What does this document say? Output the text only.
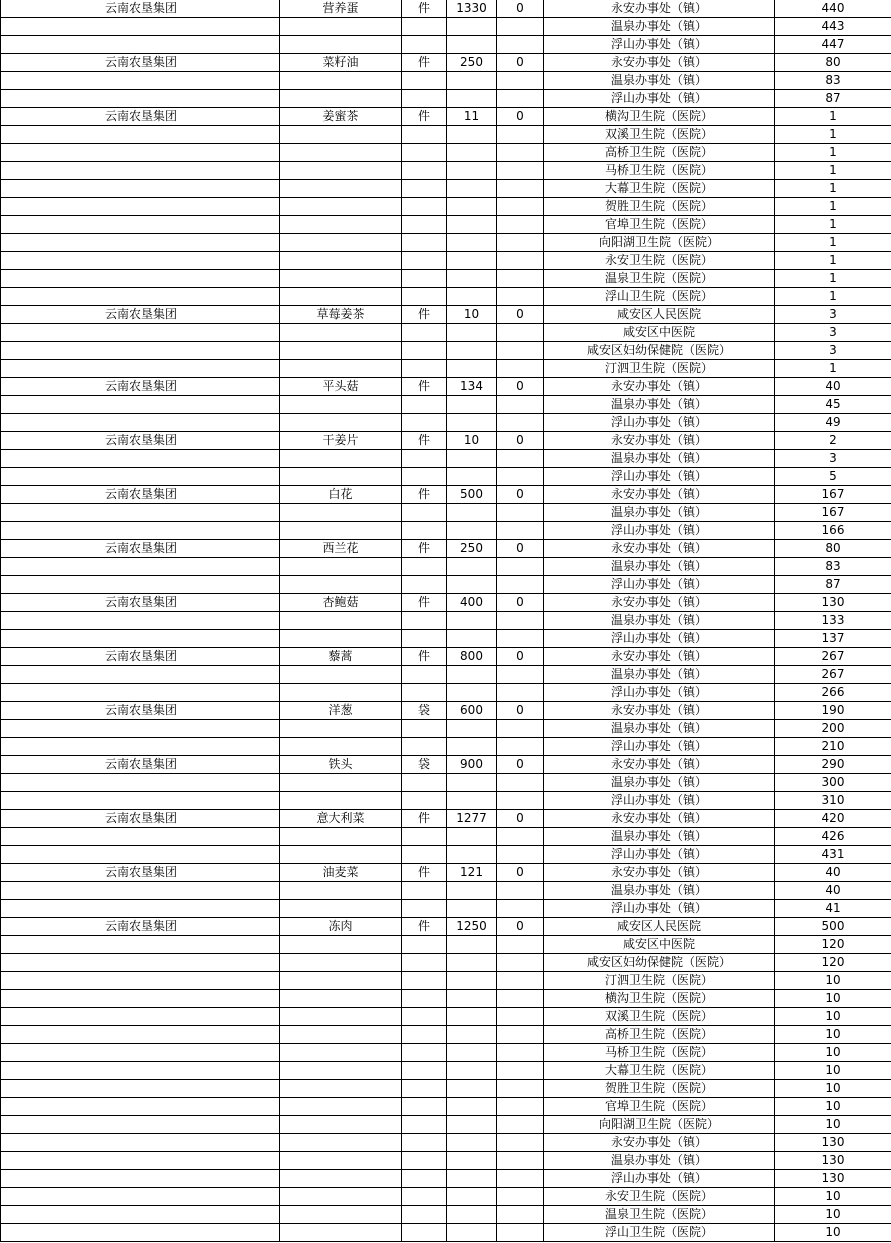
云南农垦集团	营养蛋	件	1330	0	永安办事处（镇）	440
					温泉办事处（镇）	443
					浮山办事处（镇）	447
云南农垦集团	菜籽油	件	250	0	永安办事处（镇）	80
					温泉办事处（镇）	83
					浮山办事处（镇）	87
云南农垦集团	姜蜜茶	件	11	0	横沟卫生院（医院）	1
					双溪卫生院（医院）	1
					高桥卫生院（医院）	1
					马桥卫生院（医院）	1
					大幕卫生院（医院）	1
					贺胜卫生院（医院）	1
					官埠卫生院（医院）	1
					向阳湖卫生院（医院）	1
					永安卫生院（医院）	1
					温泉卫生院（医院）	1
					浮山卫生院（医院）	1
云南农垦集团	草莓姜茶	件	10	0	咸安区人民医院	3
					咸安区中医院	3
					咸安区妇幼保健院（医院）	3
					汀泗卫生院（医院）	1
云南农垦集团	平头菇	件	134	0	永安办事处（镇）	40
					温泉办事处（镇）	45
					浮山办事处（镇）	49
云南农垦集团	干姜片	件	10	0	永安办事处（镇）	2
					温泉办事处（镇）	3
					浮山办事处（镇）	5
云南农垦集团	白花	件	500	0	永安办事处（镇）	167
					温泉办事处（镇）	167
					浮山办事处（镇）	166
云南农垦集团	西兰花	件	250	0	永安办事处（镇）	80
					温泉办事处（镇）	83
					浮山办事处（镇）	87
云南农垦集团	杏鲍菇	件	400	0	永安办事处（镇）	130
					温泉办事处（镇）	133
					浮山办事处（镇）	137
云南农垦集团	藜蒿	件	800	0	永安办事处（镇）	267
					温泉办事处（镇）	267
					浮山办事处（镇）	266
云南农垦集团	洋葱	袋	600	0	永安办事处（镇）	190
					温泉办事处（镇）	200
					浮山办事处（镇）	210
云南农垦集团	铁头	袋	900	0	永安办事处（镇）	290
					温泉办事处（镇）	300
					浮山办事处（镇）	310
云南农垦集团	意大利菜	件	1277	0	永安办事处（镇）	420
					温泉办事处（镇）	426
					浮山办事处（镇）	431
云南农垦集团	油麦菜	件	121	0	永安办事处（镇）	40
					温泉办事处（镇）	40
					浮山办事处（镇）	41
云南农垦集团	冻肉	件	1250	0	咸安区人民医院	500
					咸安区中医院	120
					咸安区妇幼保健院（医院）	120
					汀泗卫生院（医院）	10
					横沟卫生院（医院）	10
					双溪卫生院（医院）	10
					高桥卫生院（医院）	10
					马桥卫生院（医院）	10
					大幕卫生院（医院）	10
					贺胜卫生院（医院）	10
					官埠卫生院（医院）	10
					向阳湖卫生院（医院）	10
					永安办事处（镇）	130
					温泉办事处（镇）	130
					浮山办事处（镇）	130
					永安卫生院（医院）	10
					温泉卫生院（医院）	10
					浮山卫生院（医院）	10
